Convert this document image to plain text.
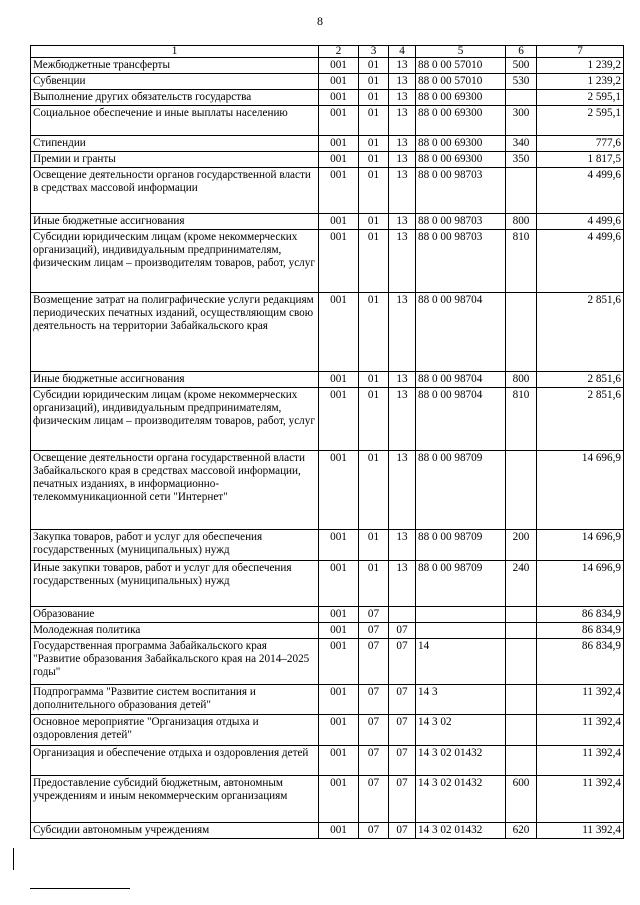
8
1	2	3	4	5	6	7
Межбюджетные трансферты	001	01	13	88 0 00 57010	500	1 239,2
Субвенции	001	01	13	88 0 00 57010	530	1 239,2
Выполнение других обязательств государства	001	01	13	88 0 00 69300		2 595,1
Социальное обеспечение и иные выплаты населению	001	01	13	88 0 00 69300	300	2 595,1
Стипендии	001	01	13	88 0 00 69300	340	777,6
Премии и гранты	001	01	13	88 0 00 69300	350	1 817,5
Освещение деятельности органов государственной власти в средствах массовой информации	001	01	13	88 0 00 98703		4 499,6
Иные бюджетные ассигнования	001	01	13	88 0 00 98703	800	4 499,6
Субсидии юридическим лицам (кроме некоммерческих организаций), индивидуальным предпринимателям, физическим лицам – производителям товаров, работ, услуг	001	01	13	88 0 00 98703	810	4 499,6
Возмещение затрат на полиграфические услуги редакциям периодических печатных изданий, осуществляющим свою деятельность на территории Забайкальского края	001	01	13	88 0 00 98704		2 851,6
Иные бюджетные ассигнования	001	01	13	88 0 00 98704	800	2 851,6
Субсидии юридическим лицам (кроме некоммерческих организаций), индивидуальным предпринимателям, физическим лицам – производителям товаров, работ, услуг	001	01	13	88 0 00 98704	810	2 851,6
Освещение деятельности органа государственной власти Забайкальского края в средствах массовой информации, печатных изданиях, в информационно-телекоммуникационной сети "Интернет"	001	01	13	88 0 00 98709		14 696,9
Закупка товаров, работ и услуг для обеспечения государственных (муниципальных) нужд	001	01	13	88 0 00 98709	200	14 696,9
Иные закупки товаров, работ и услуг для обеспечения государственных (муниципальных) нужд	001	01	13	88 0 00 98709	240	14 696,9
Образование	001	07				86 834,9
Молодежная политика	001	07	07			86 834,9
Государственная программа Забайкальского края "Развитие образования Забайкальского края на 2014–2025 годы"	001	07	07	14		86 834,9
Подпрограмма "Развитие систем воспитания и дополнительного образования детей"	001	07	07	14 3		11 392,4
Основное мероприятие "Организация отдыха и оздоровления детей"	001	07	07	14 3 02		11 392,4
Организация и обеспечение отдыха и оздоровления детей	001	07	07	14 3 02 01432		11 392,4
Предоставление субсидий бюджетным, автономным учреждениям и иным некоммерческим организациям	001	07	07	14 3 02 01432	600	11 392,4
Субсидии автономным учреждениям	001	07	07	14 3 02 01432	620	11 392,4
